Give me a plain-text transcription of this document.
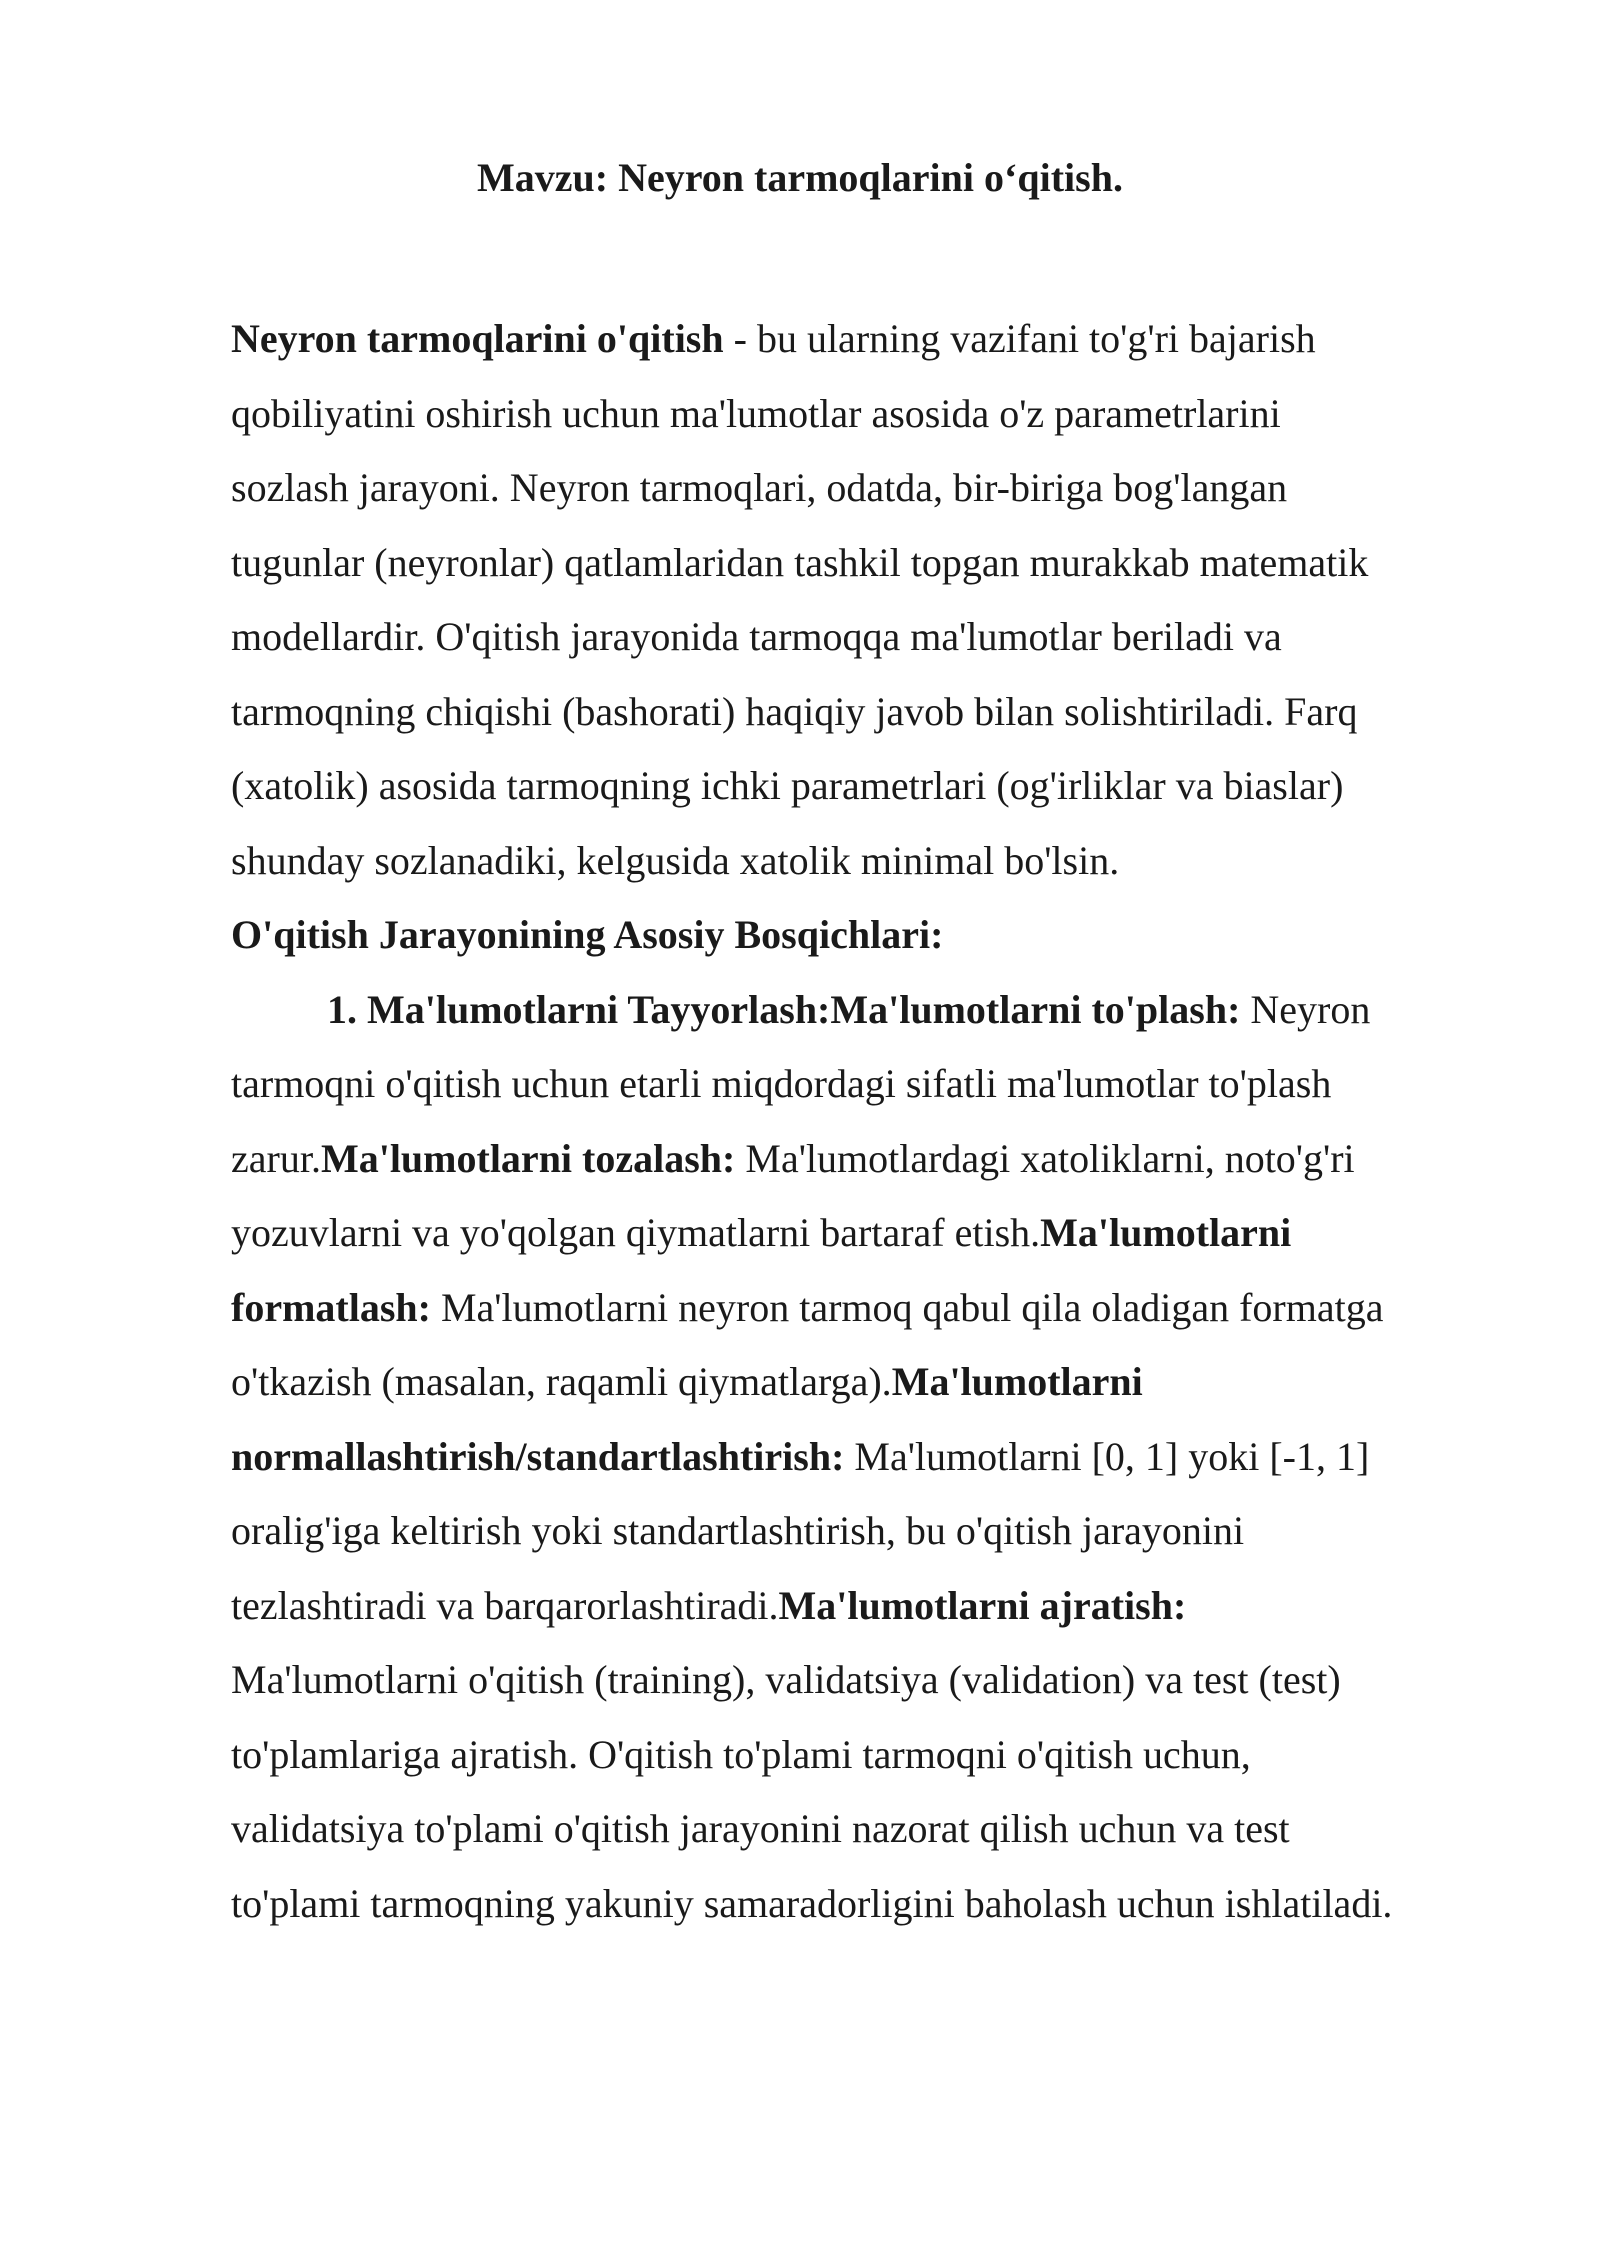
Mavzu: Neyron tarmoqlarini o‘qitish.
Neyron tarmoqlarini o'qitish - bu ularning vazifani to'g'ri bajarish
qobiliyatini oshirish uchun ma'lumotlar asosida o'z parametrlarini
sozlash jarayoni. Neyron tarmoqlari, odatda, bir-biriga bog'langan
tugunlar (neyronlar) qatlamlaridan tashkil topgan murakkab matematik
modellardir. O'qitish jarayonida tarmoqqa ma'lumotlar beriladi va
tarmoqning chiqishi (bashorati) haqiqiy javob bilan solishtiriladi. Farq
(xatolik) asosida tarmoqning ichki parametrlari (og'irliklar va biaslar)
shunday sozlanadiki, kelgusida xatolik minimal bo'lsin.
O'qitish Jarayonining Asosiy Bosqichlari:
1. Ma'lumotlarni Tayyorlash:Ma'lumotlarni to'plash: Neyron
tarmoqni o'qitish uchun etarli miqdordagi sifatli ma'lumotlar to'plash
zarur.Ma'lumotlarni tozalash: Ma'lumotlardagi xatoliklarni, noto'g'ri
yozuvlarni va yo'qolgan qiymatlarni bartaraf etish.Ma'lumotlarni
formatlash: Ma'lumotlarni neyron tarmoq qabul qila oladigan formatga
o'tkazish (masalan, raqamli qiymatlarga).Ma'lumotlarni
normallashtirish/standartlashtirish: Ma'lumotlarni [0, 1] yoki [-1, 1]
oralig'iga keltirish yoki standartlashtirish, bu o'qitish jarayonini
tezlashtiradi va barqarorlashtiradi.Ma'lumotlarni ajratish:
Ma'lumotlarni o'qitish (training), validatsiya (validation) va test (test)
to'plamlariga ajratish. O'qitish to'plami tarmoqni o'qitish uchun,
validatsiya to'plami o'qitish jarayonini nazorat qilish uchun va test
to'plami tarmoqning yakuniy samaradorligini baholash uchun ishlatiladi.
